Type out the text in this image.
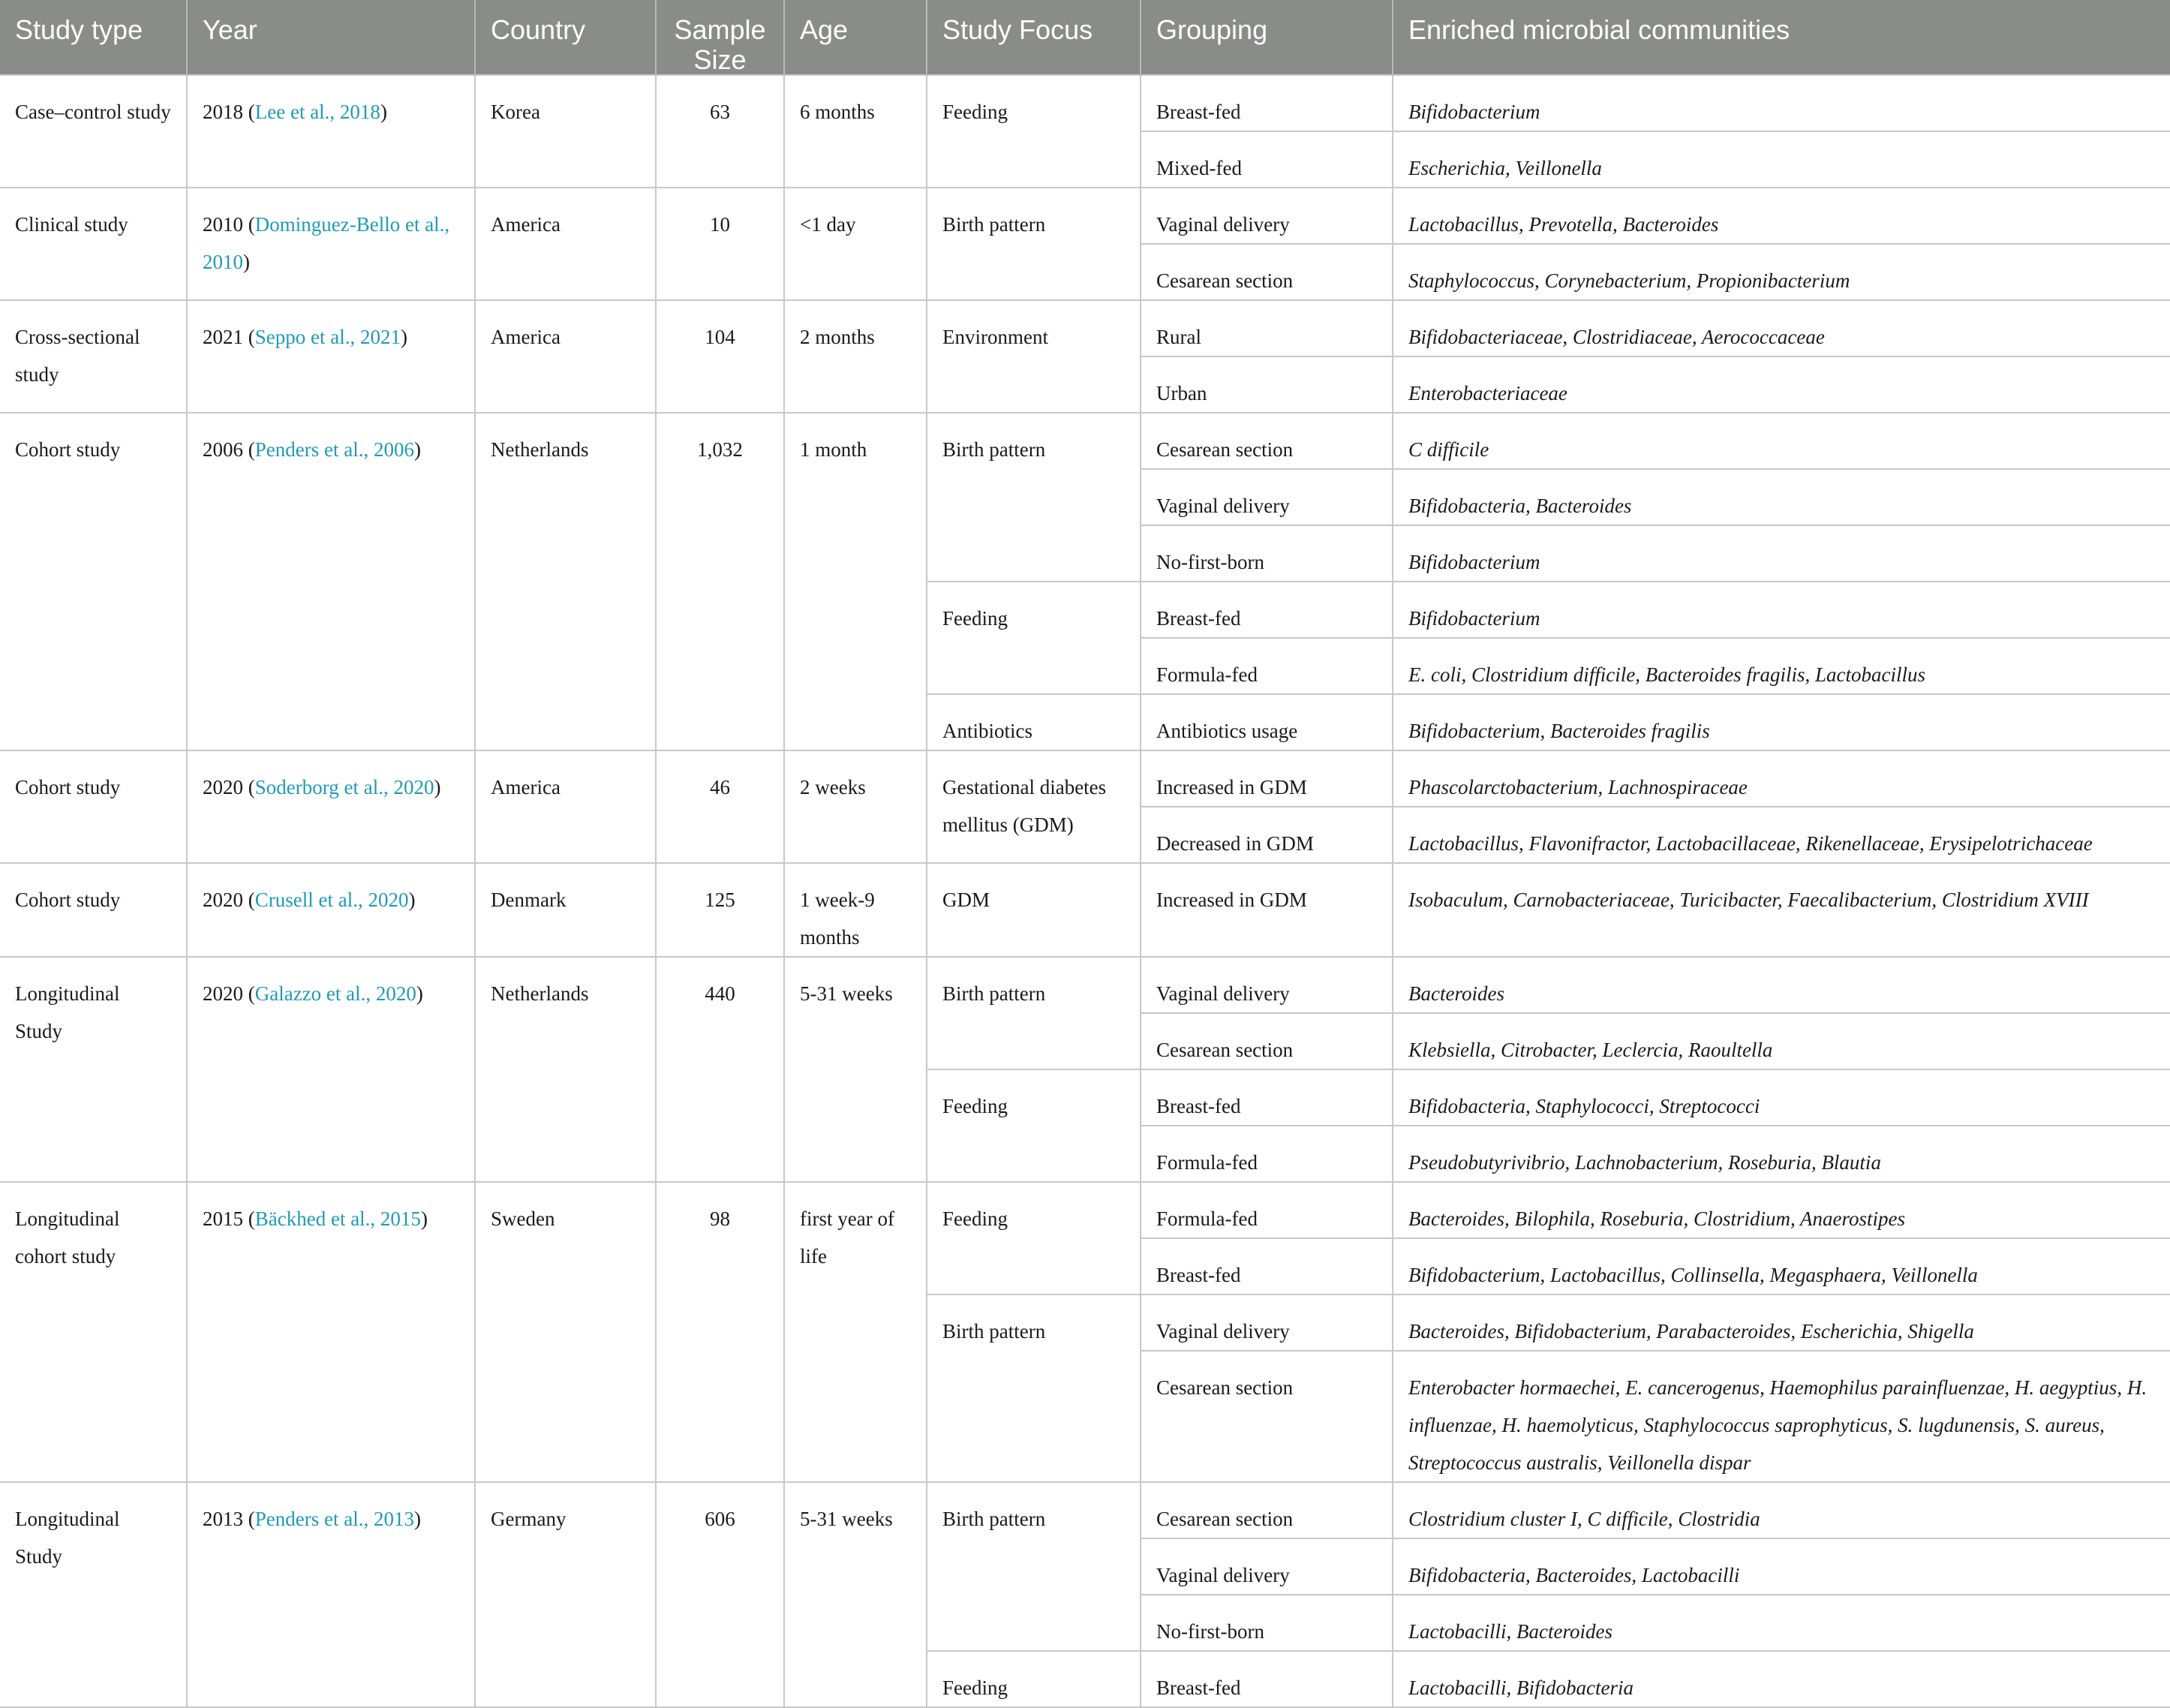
Study type	Year	Country	Sample Size	Age	Study Focus	Grouping	Enriched microbial communities
Case–control study	2018 (Lee et al., 2018)	Korea	63	6 months	Feeding	Breast-fed	Bifidobacterium
						Mixed-fed	Escherichia, Veillonella
Clinical study	2010 (Dominguez-Bello et al., 2010)	America	10	<1 day	Birth pattern	Vaginal delivery	Lactobacillus, Prevotella, Bacteroides
						Cesarean section	Staphylococcus, Corynebacterium, Propionibacterium
Cross-sectional study	2021 (Seppo et al., 2021)	America	104	2 months	Environment	Rural	Bifidobacteriaceae, Clostridiaceae, Aerococcaceae
						Urban	Enterobacteriaceae
Cohort study	2006 (Penders et al., 2006)	Netherlands	1,032	1 month	Birth pattern	Cesarean section	C difficile
						Vaginal delivery	Bifidobacteria, Bacteroides
						No-first-born	Bifidobacterium
					Feeding	Breast-fed	Bifidobacterium
						Formula-fed	E. coli, Clostridium difficile, Bacteroides fragilis, Lactobacillus
					Antibiotics	Antibiotics usage	Bifidobacterium, Bacteroides fragilis
Cohort study	2020 (Soderborg et al., 2020)	America	46	2 weeks	Gestational diabetes mellitus (GDM)	Increased in GDM	Phascolarctobacterium, Lachnospiraceae
						Decreased in GDM	Lactobacillus, Flavonifractor, Lactobacillaceae, Rikenellaceae, Erysipelotrichaceae
Cohort study	2020 (Crusell et al., 2020)	Denmark	125	1 week-9 months	GDM	Increased in GDM	Isobaculum, Carnobacteriaceae, Turicibacter, Faecalibacterium, Clostridium XVIII
Longitudinal Study	2020 (Galazzo et al., 2020)	Netherlands	440	5-31 weeks	Birth pattern	Vaginal delivery	Bacteroides
						Cesarean section	Klebsiella, Citrobacter, Leclercia, Raoultella
					Feeding	Breast-fed	Bifidobacteria, Staphylococci, Streptococci
						Formula-fed	Pseudobutyrivibrio, Lachnobacterium, Roseburia, Blautia
Longitudinal cohort study	2015 (Bäckhed et al., 2015)	Sweden	98	first year of life	Feeding	Formula-fed	Bacteroides, Bilophila, Roseburia, Clostridium, Anaerostipes
						Breast-fed	Bifidobacterium, Lactobacillus, Collinsella, Megasphaera, Veillonella
					Birth pattern	Vaginal delivery	Bacteroides, Bifidobacterium, Parabacteroides, Escherichia, Shigella
						Cesarean section	Enterobacter hormaechei, E. cancerogenus, Haemophilus parainfluenzae, H. aegyptius, H. influenzae, H. haemolyticus, Staphylococcus saprophyticus, S. lugdunensis, S. aureus, Streptococcus australis, Veillonella dispar
Longitudinal Study	2013 (Penders et al., 2013)	Germany	606	5-31 weeks	Birth pattern	Cesarean section	Clostridium cluster I, C difficile, Clostridia
						Vaginal delivery	Bifidobacteria, Bacteroides, Lactobacilli
						No-first-born	Lactobacilli, Bacteroides
					Feeding	Breast-fed	Lactobacilli, Bifidobacteria
